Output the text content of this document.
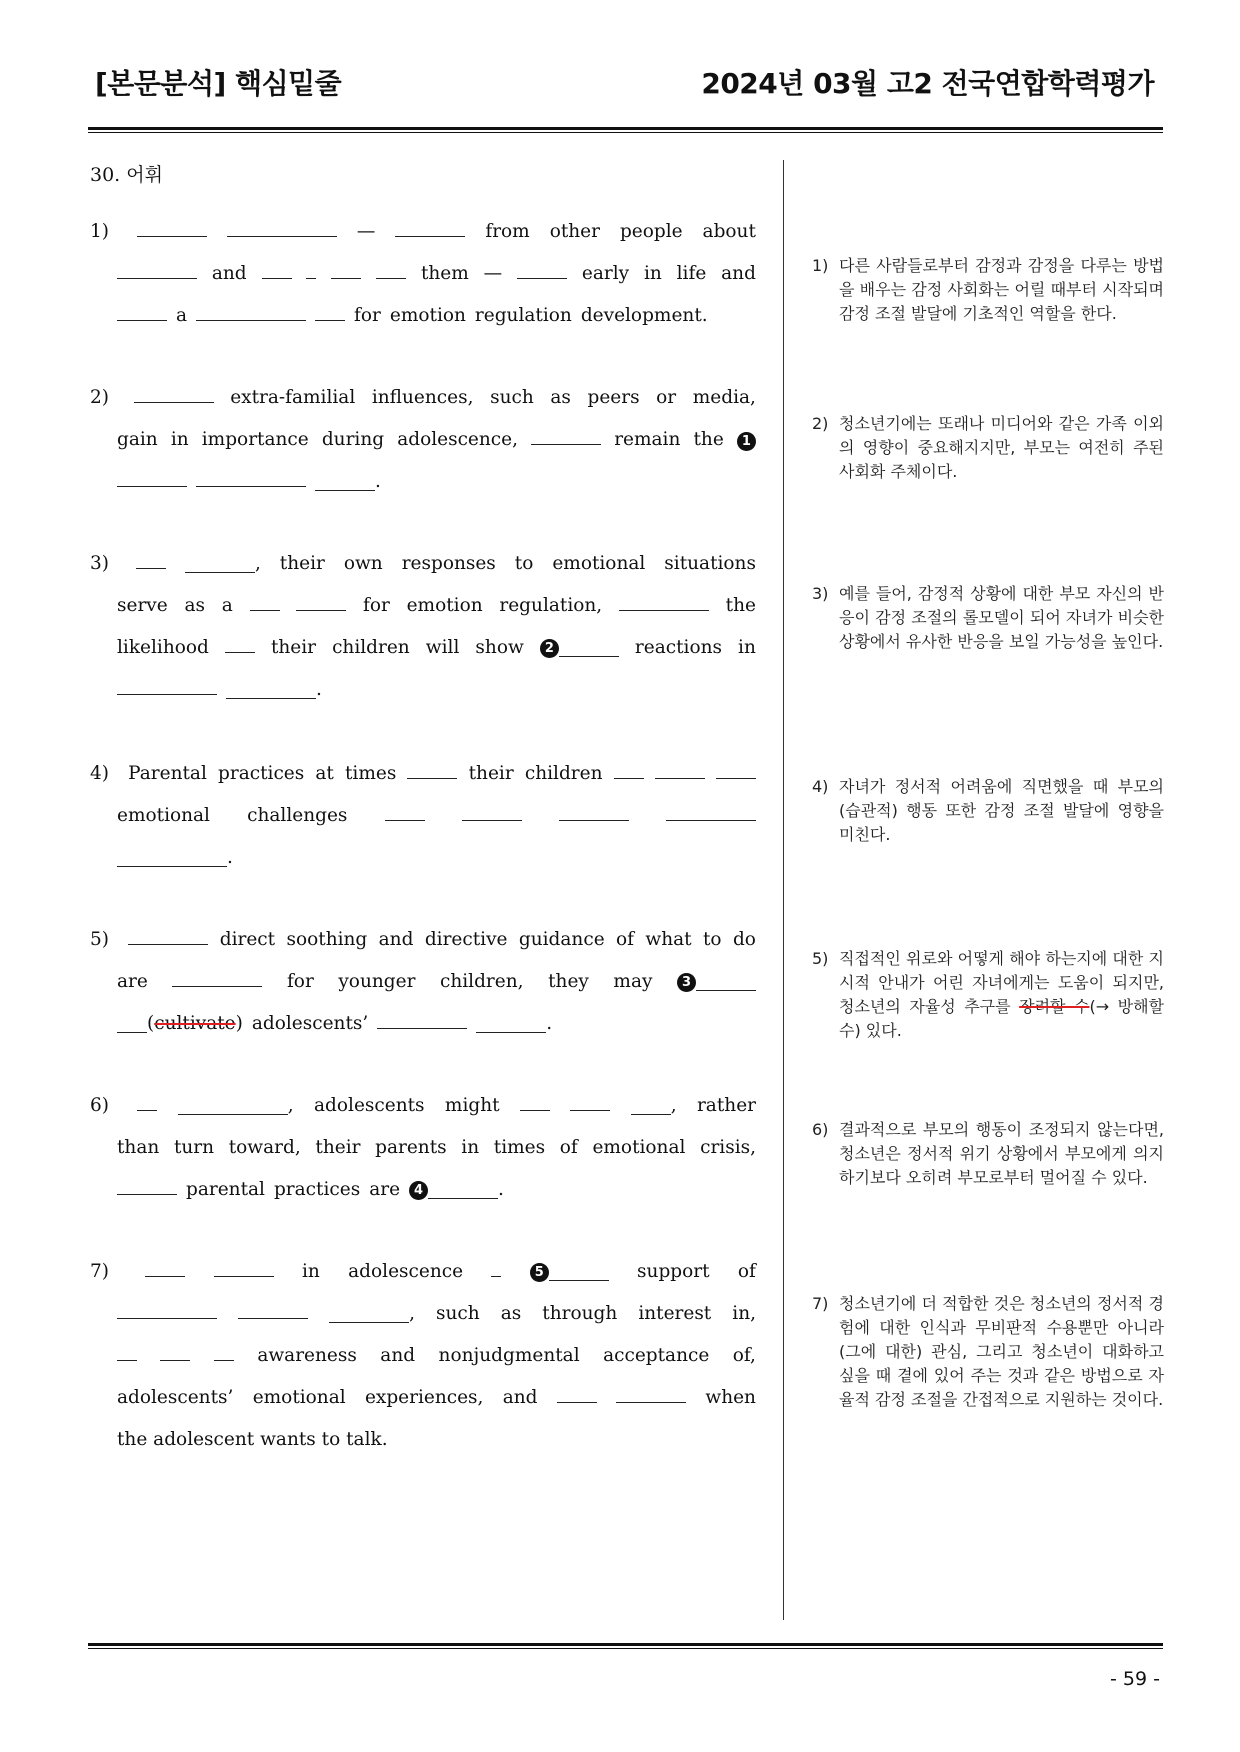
[본문분석] 핵심밑줄	2024년 03월 고2 전국연합학력평가
30. 어휘
1)	—	from other people about
and	them —	early in life and
a	for emotion regulation development.
2)	extra-familial influences, such as peers or media,
gain in importance during adolescence,	remain the	1
.
3)	, their own responses to emotional situations
serve as a	for emotion regulation,	the
likelihood	their children will show	2	reactions in
.
4)	Parental practices at times	their children
emotional challenges
.
5)	direct soothing and directive guidance of what to do
are	for younger children, they may	3
(cultivate) adolescents’	.
6)	, adolescents might	, rather
than turn toward, their parents in times of emotional crisis,
parental practices are	4	.
7)	in adolescence	5	support of
, such as through interest in,
awareness and nonjudgmental acceptance of,
adolescents’ emotional experiences, and	when
the adolescent wants to talk.
1) 다른 사람들로부터 감정과 감정을 다루는 방법을 배우는 감정 사회화는 어릴 때부터 시작되며 감정 조절 발달에 기초적인 역할을 한다.
2) 청소년기에는 또래나 미디어와 같은 가족 이외의 영향이 중요해지지만, 부모는 여전히 주된 사회화 주체이다.
3) 예를 들어, 감정적 상황에 대한 부모 자신의 반응이 감정 조절의 롤모델이 되어 자녀가 비슷한 상황에서 유사한 반응을 보일 가능성을 높인다.
4) 자녀가 정서적 어려움에 직면했을 때 부모의 (습관적) 행동 또한 감정 조절 발달에 영향을 미친다.
5) 직접적인 위로와 어떻게 해야 하는지에 대한 지시적 안내가 어린 자녀에게는 도움이 되지만, 청소년의 자율성 추구를 장려할 수(→ 방해할 수) 있다.
6) 결과적으로 부모의 행동이 조정되지 않는다면, 청소년은 정서적 위기 상황에서 부모에게 의지하기보다 오히려 부모로부터 멀어질 수 있다.
7) 청소년기에 더 적합한 것은 청소년의 정서적 경험에 대한 인식과 무비판적 수용뿐만 아니라 (그에 대한) 관심, 그리고 청소년이 대화하고 싶을 때 곁에 있어 주는 것과 같은 방법으로 자율적 감정 조절을 간접적으로 지원하는 것이다.
- 59 -
